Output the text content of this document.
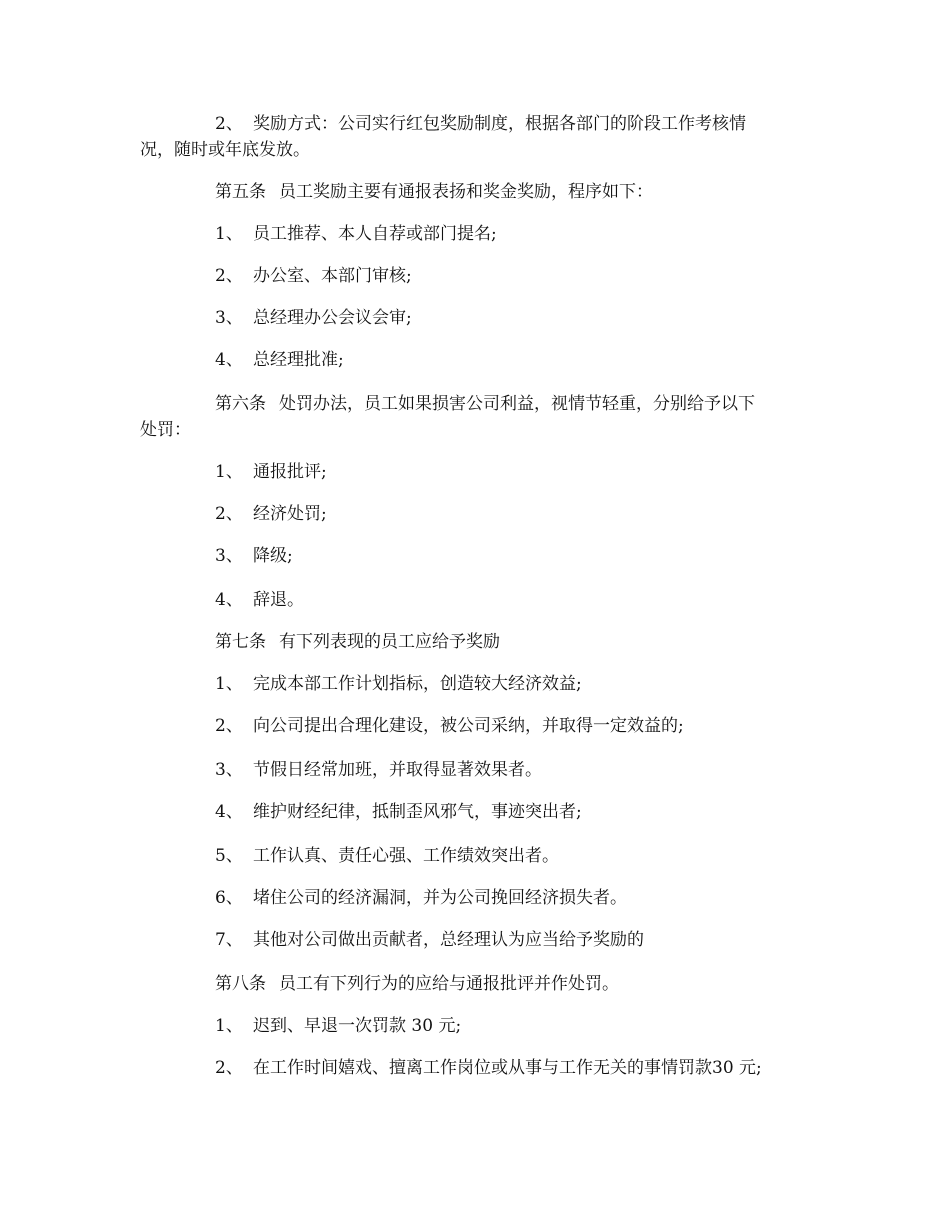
2、 奖励方式：公司实行红包奖励制度，根据各部门的阶段工作考核情
况，随时或年底发放。
第五条 员工奖励主要有通报表扬和奖金奖励，程序如下：
1、 员工推荐、本人自荐或部门提名;
2、 办公室、本部门审核;
3、 总经理办公会议会审;
4、 总经理批准;
第六条 处罚办法，员工如果损害公司利益，视情节轻重，分别给予以下
处罚：
1、 通报批评;
2、 经济处罚;
3、 降级;
4、 辞退。
第七条 有下列表现的员工应给予奖励
1、 完成本部工作计划指标，创造较大经济效益;
2、 向公司提出合理化建设，被公司采纳，并取得一定效益的;
3、 节假日经常加班，并取得显著效果者。
4、 维护财经纪律，抵制歪风邪气，事迹突出者;
5、 工作认真、责任心强、工作绩效突出者。
6、 堵住公司的经济漏洞，并为公司挽回经济损失者。
7、 其他对公司做出贡献者，总经理认为应当给予奖励的
第八条 员工有下列行为的应给与通报批评并作处罚。
1、 迟到、早退一次罚款 30 元;
2、 在工作时间嬉戏、擅离工作岗位或从事与工作无关的事情罚款30 元;
